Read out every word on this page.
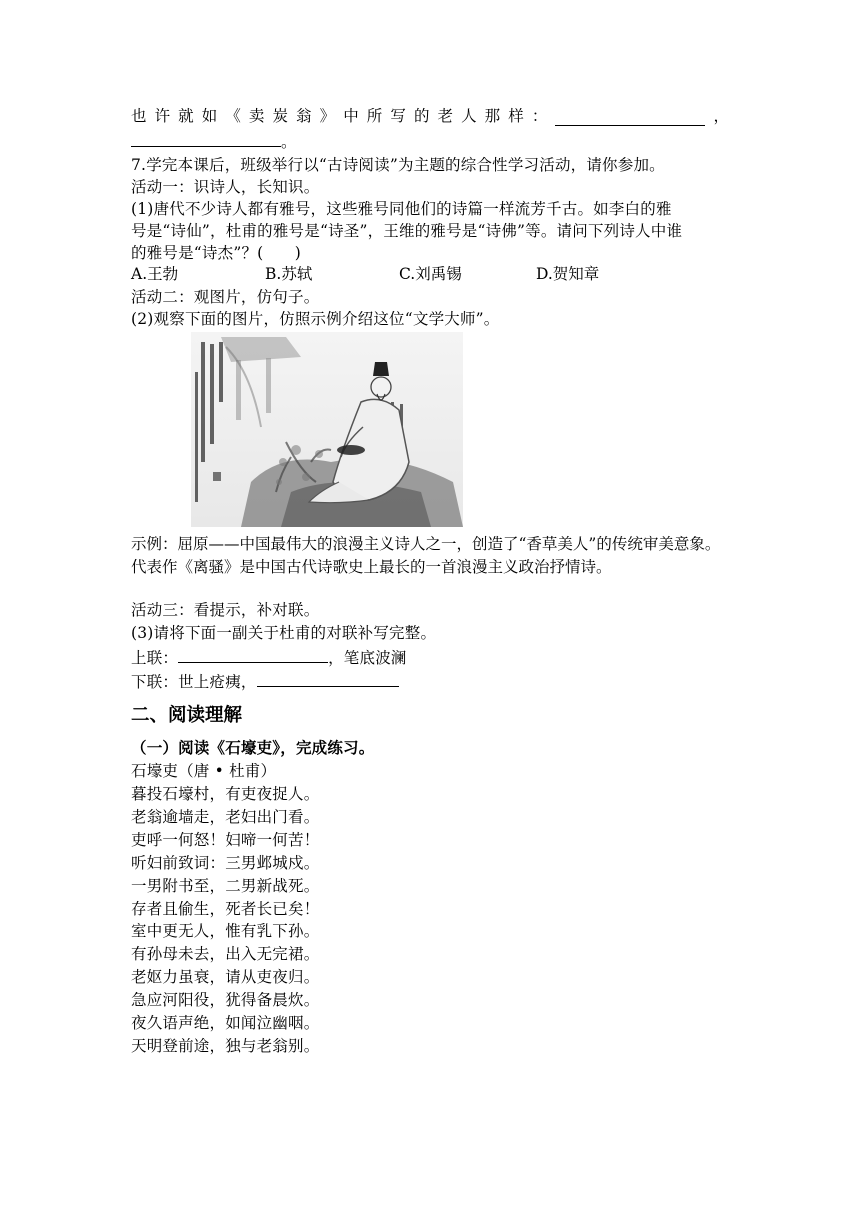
也 许 就 如 《 卖 炭 翁 》 中 所 写 的 老 人 那 样 ：	，
。
7.学完本课后，班级举行以“古诗阅读”为主题的综合性学习活动，请你参加。
活动一：识诗人，长知识。
(1)唐代不少诗人都有雅号，这些雅号同他们的诗篇一样流芳千古。如李白的雅
号是“诗仙”，杜甫的雅号是“诗圣”，王维的雅号是“诗佛”等。请问下列诗人中谁
的雅号是“诗杰”？(　　)
A.王勃	B.苏轼	C.刘禹锡	D.贺知章
活动二：观图片，仿句子。
(2)观察下面的图片，仿照示例介绍这位“文学大师”。
示例：屈原——中国最伟大的浪漫主义诗人之一，创造了“香草美人”的传统审美意象。代表作《离骚》是中国古代诗歌史上最长的一首浪漫主义政治抒情诗。
活动三：看提示，补对联。
(3)请将下面一副关于杜甫的对联补写完整。
上联：	，笔底波澜
下联：世上疮痍，
二、阅读理解
（一）阅读《石壕吏》，完成练习。
石壕吏（唐 • 杜甫）
暮投石壕村，有吏夜捉人。
老翁逾墙走，老妇出门看。
吏呼一何怒！妇啼一何苦！
听妇前致词：三男邺城戍。
一男附书至，二男新战死。
存者且偷生，死者长已矣！
室中更无人，惟有乳下孙。
有孙母未去，出入无完裙。
老妪力虽衰，请从吏夜归。
急应河阳役，犹得备晨炊。
夜久语声绝，如闻泣幽咽。
天明登前途，独与老翁别。
